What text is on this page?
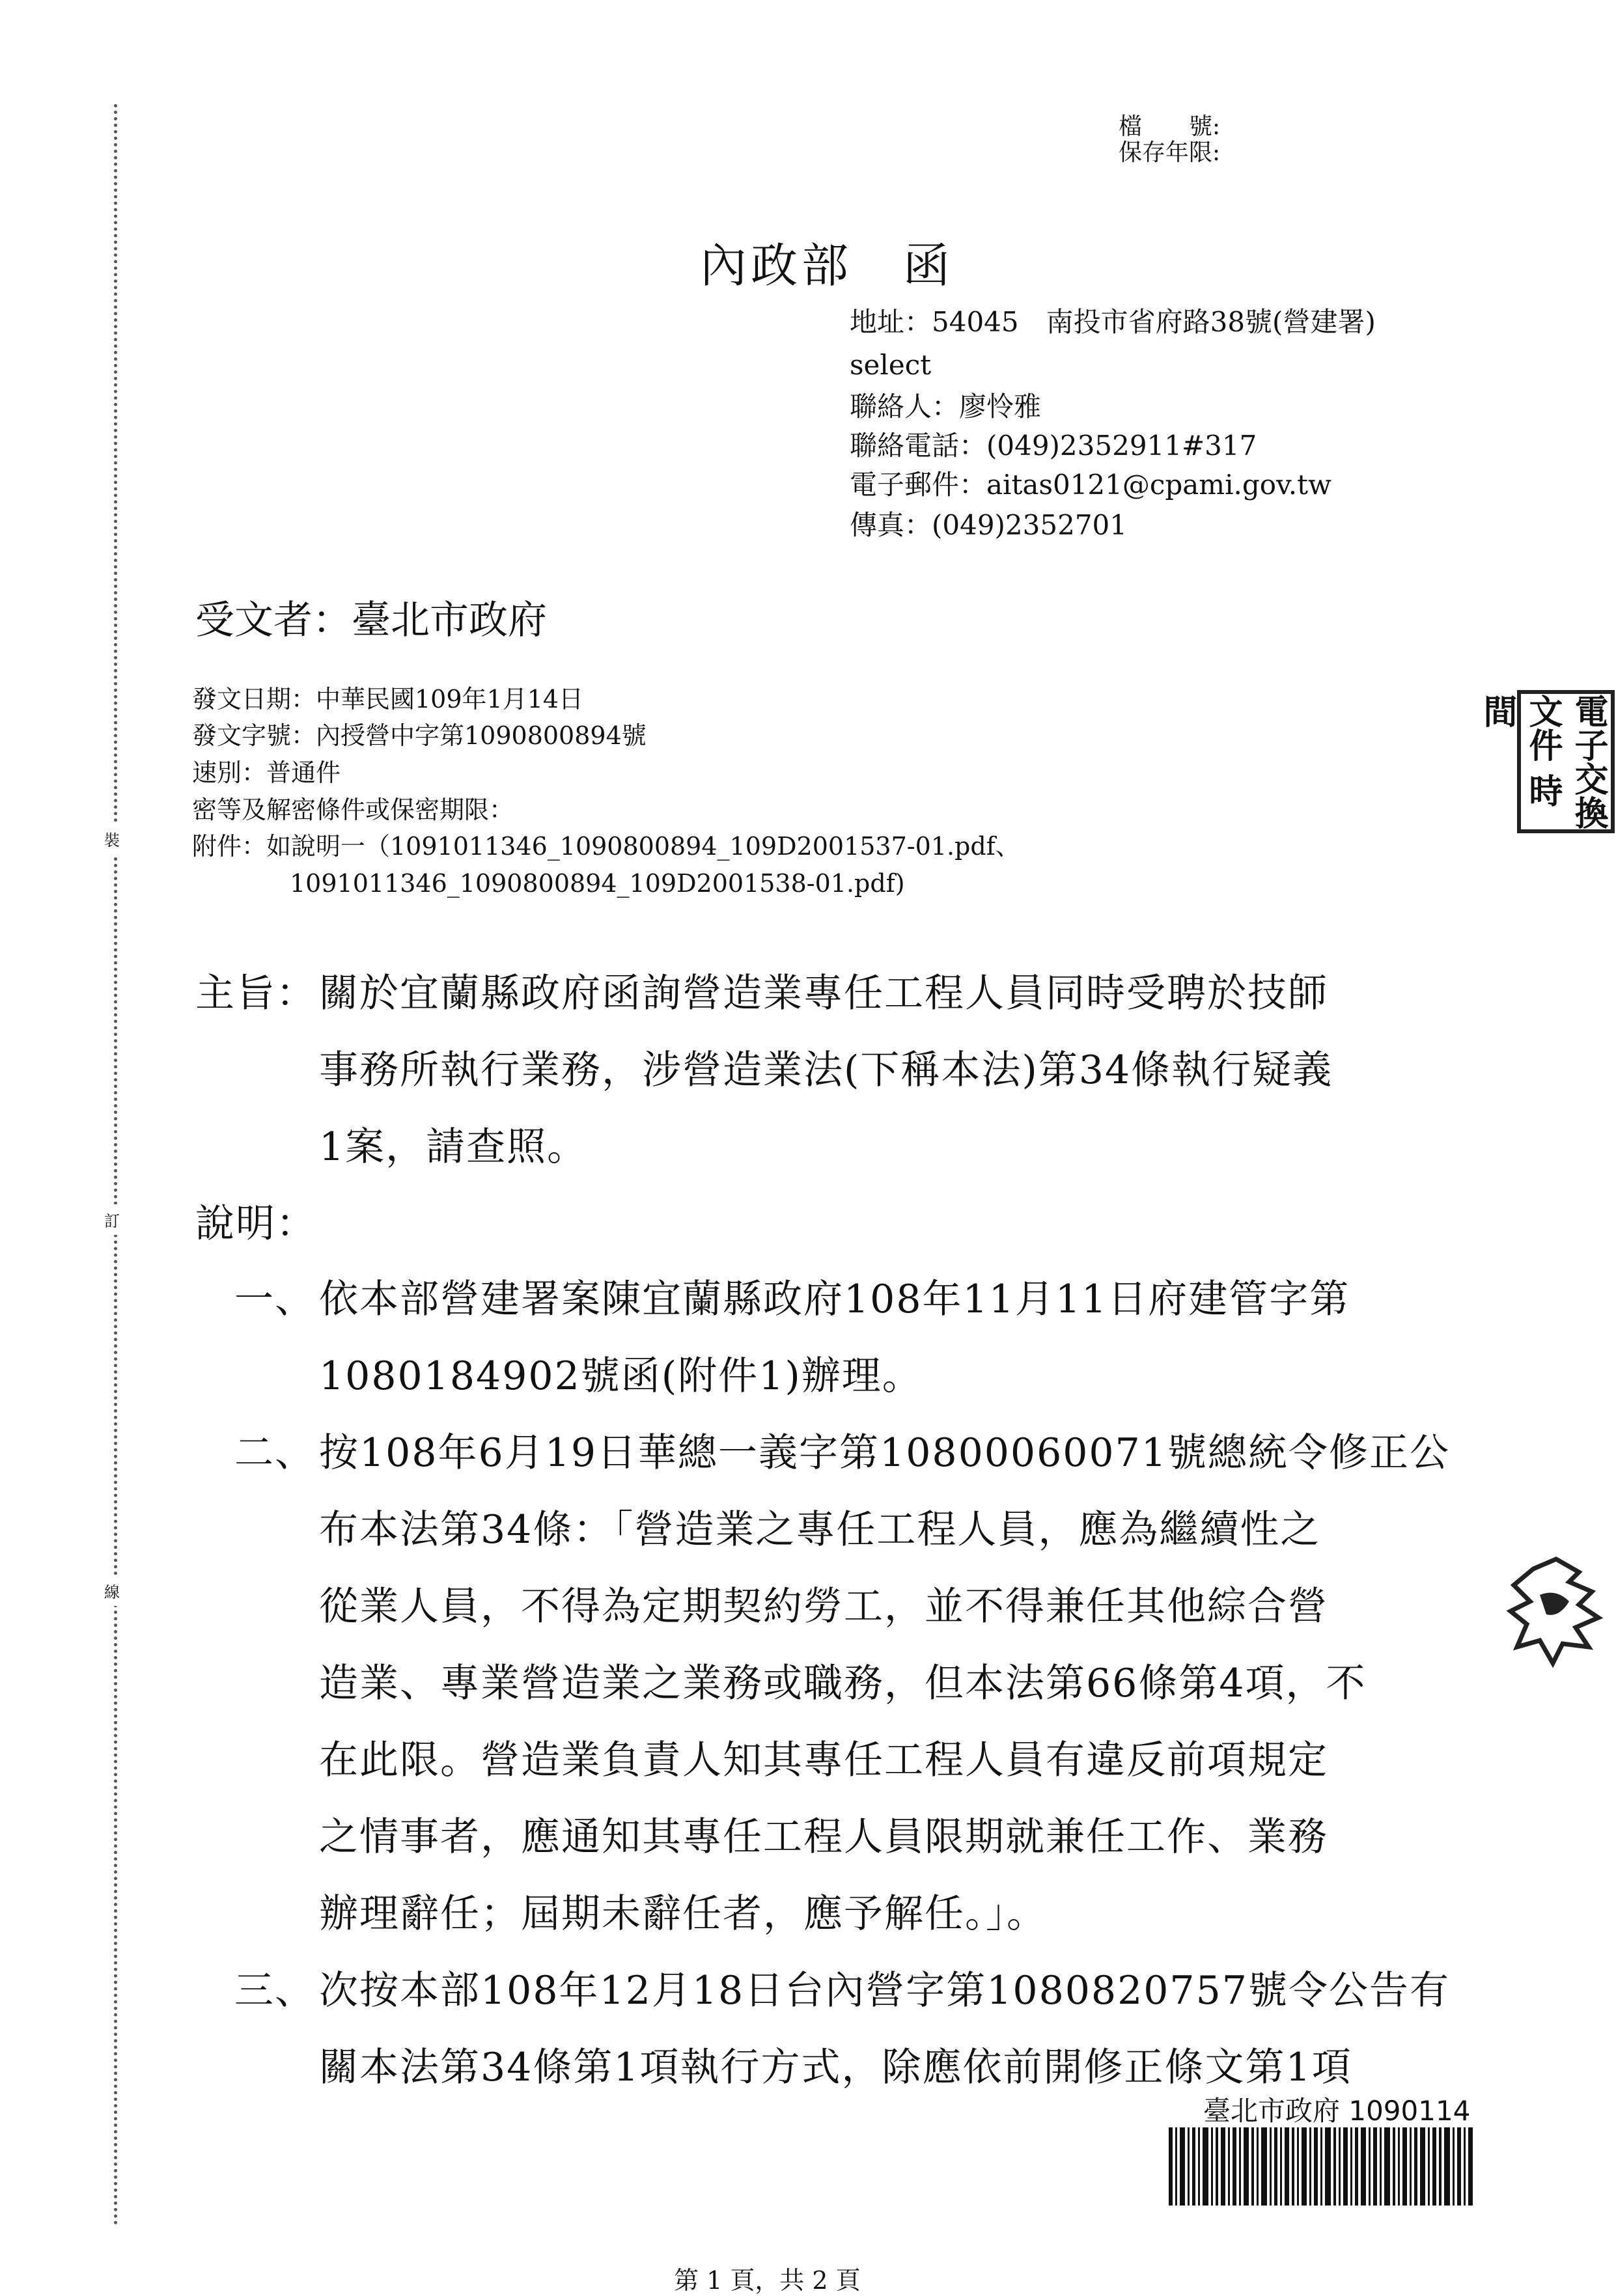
裝
訂
線
檔　　號:
保存年限:
內政部　函
地址：54045　南投市省府路38號(營建署)
select
聯絡人：廖怜雅
聯絡電話：(049)2352911#317
電子郵件：aitas0121@cpami.gov.tw
傳真：(049)2352701
受文者：臺北市政府
發文日期：中華民國109年1月14日
發文字號：內授營中字第1090800894號
速別：普通件
密等及解密條件或保密期限：
附件：如說明一（1091011346_1090800894_109D2001537-01.pdf、
1091011346_1090800894_109D2001538-01.pdf)
主旨： 關於宜蘭縣政府函詢營造業專任工程人員同時受聘於技師
事務所執行業務，涉營造業法(下稱本法)第34條執行疑義
1案，請查照。
說明：
一、 依本部營建署案陳宜蘭縣政府108年11月11日府建管字第
1080184902號函(附件1)辦理。
二、 按108年6月19日華總一義字第10800060071號總統令修正公
布本法第34條：「營造業之專任工程人員，應為繼續性之
從業人員，不得為定期契約勞工，並不得兼任其他綜合營
造業、專業營造業之業務或職務，但本法第66條第4項，不
在此限。營造業負責人知其專任工程人員有違反前項規定
之情事者，應通知其專任工程人員限期就兼任工作、業務
辦理辭任；屆期未辭任者，應予解任。」。
三、 次按本部108年12月18日台內營字第1080820757號令公告有
關本法第34條第1項執行方式，除應依前開修正條文第1項
電子交換 文件 時間
臺北市政府 1090114
第 1 頁，共 2 頁
